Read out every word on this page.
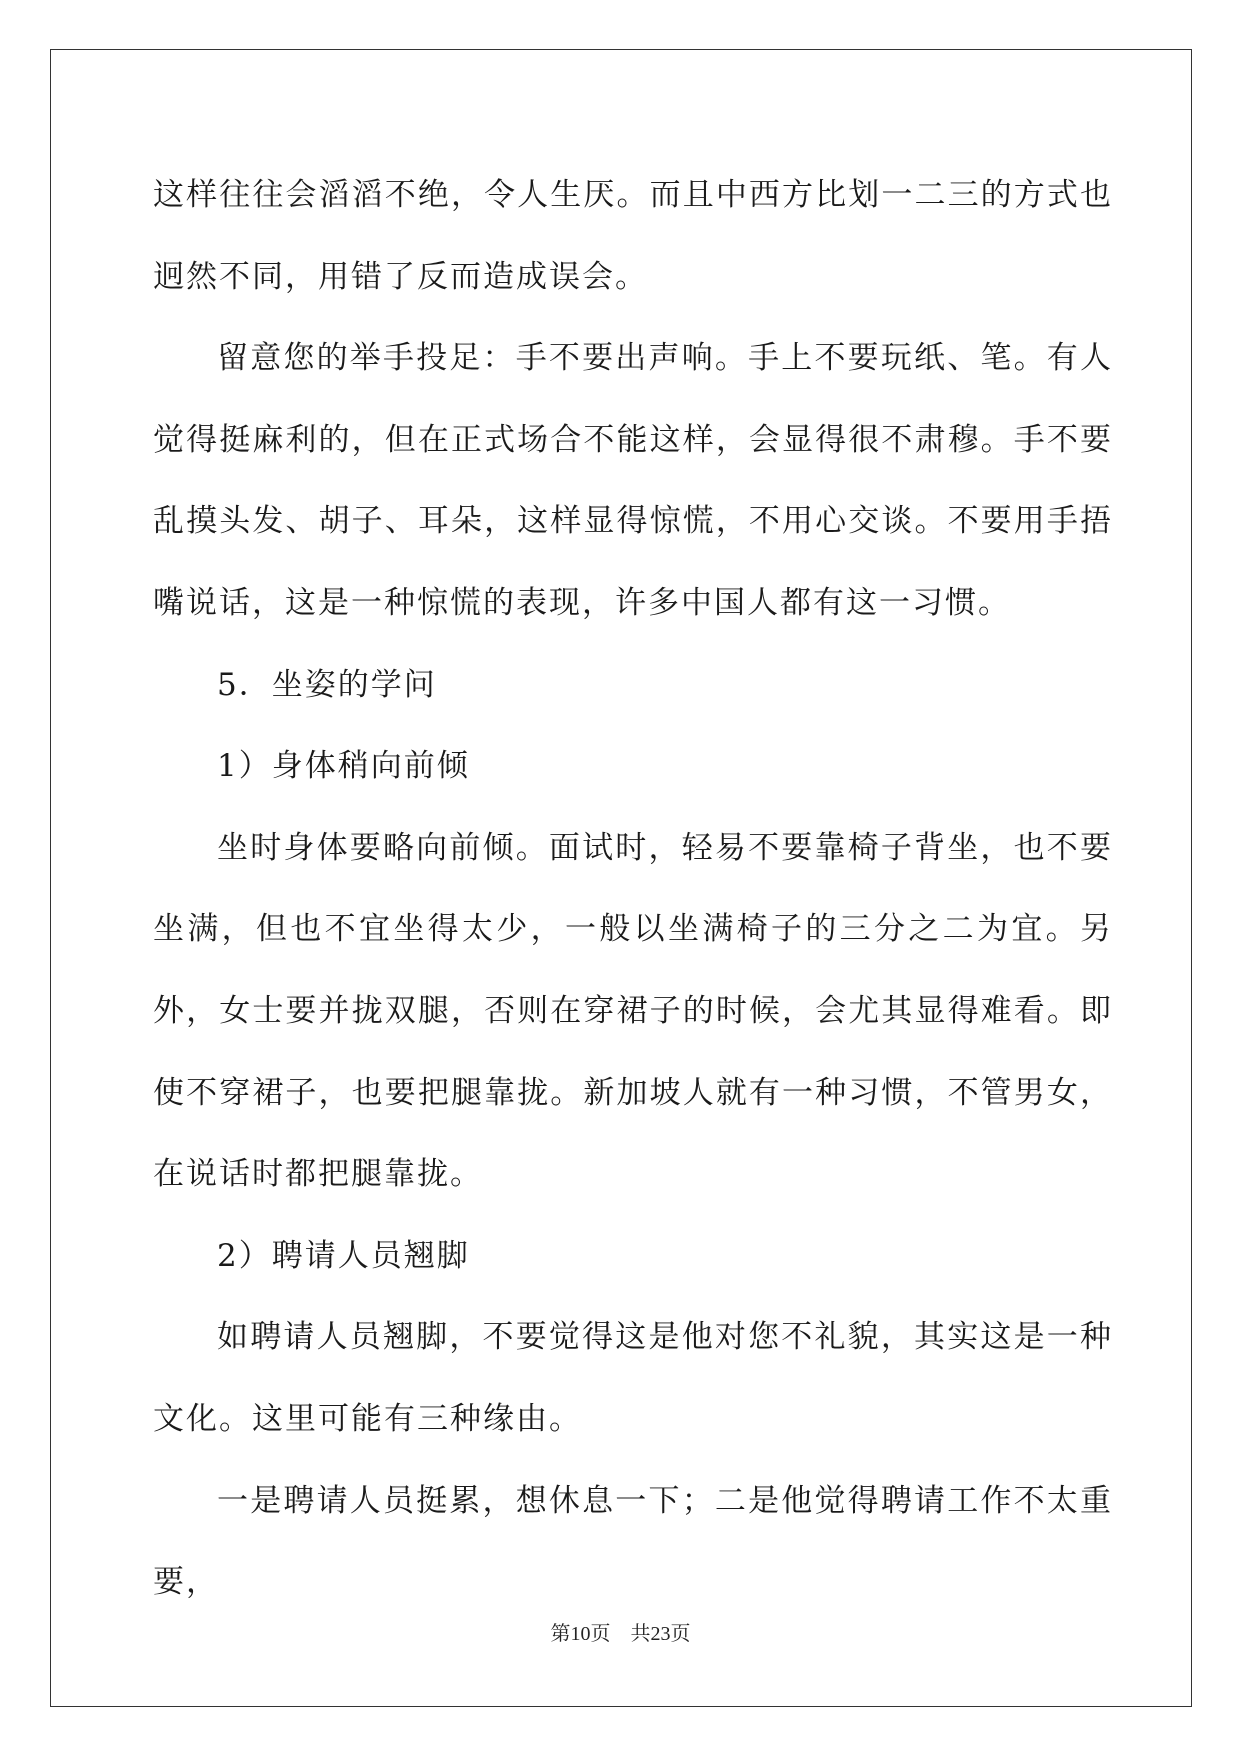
这样往往会滔滔不绝，令人生厌。而且中西方比划一二三的方式也迥然不同，用错了反而造成误会。

留意您的举手投足：手不要出声响。手上不要玩纸、笔。有人觉得挺麻利的，但在正式场合不能这样，会显得很不肃穆。手不要乱摸头发、胡子、耳朵，这样显得惊慌，不用心交谈。不要用手捂嘴说话，这是一种惊慌的表现，许多中国人都有这一习惯。

5．坐姿的学问

1）身体稍向前倾

坐时身体要略向前倾。面试时，轻易不要靠椅子背坐，也不要坐满，但也不宜坐得太少，一般以坐满椅子的三分之二为宜。另外，女士要并拢双腿，否则在穿裙子的时候，会尤其显得难看。即使不穿裙子，也要把腿靠拢。新加坡人就有一种习惯，不管男女，在说话时都把腿靠拢。

2）聘请人员翘脚

如聘请人员翘脚，不要觉得这是他对您不礼貌，其实这是一种文化。这里可能有三种缘由。

一是聘请人员挺累，想休息一下；二是他觉得聘请工作不太重要，

第10页　共23页
